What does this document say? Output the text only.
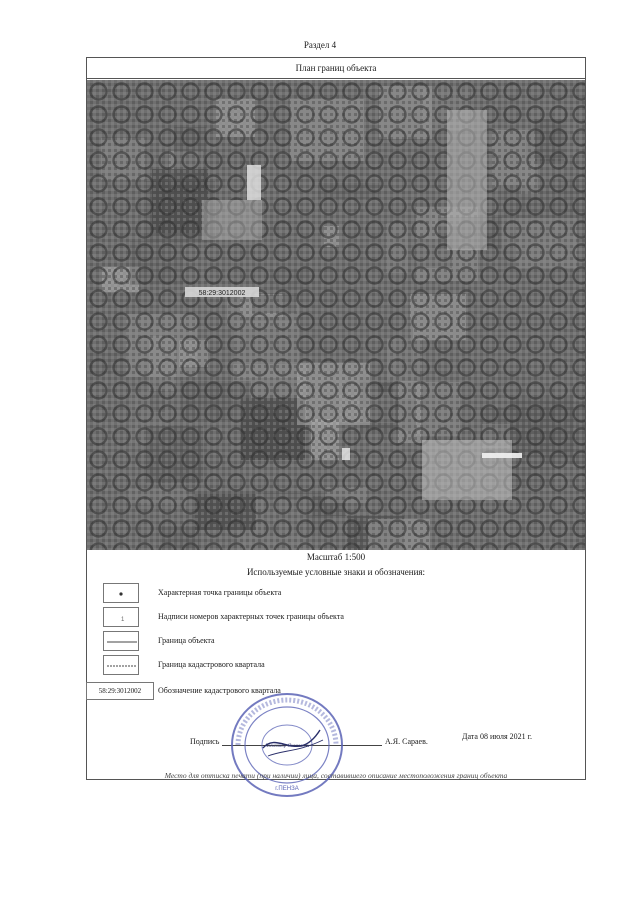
Раздел 4
План границ объекта
58:29:3012002
Масштаб 1:500
Используемые условные знаки и обозначения:
Характерная точка границы объекта
1	Надписи номеров характерных точек границы объекта
Граница объекта
Граница кадастрового квартала
58:29:3012002	Обозначение кадастрового квартала
Подпись	А.Я. Сараев.
Дата 08 июля 2021 г.
г.ПЕНЗА
Александр Яковлевич
Место для оттиска печати (при наличии) лица, составившего описание местоположения границ объекта
